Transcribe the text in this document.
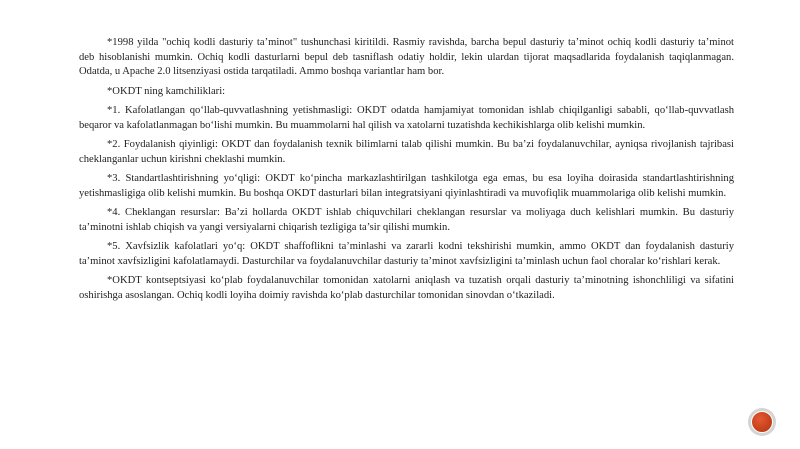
*1998 yilda "ochiq kodli dasturiy ta’minot" tushunchasi kiritildi. Rasmiy ravishda, barcha bepul dasturiy ta’minot ochiq kodli dasturiy ta’minot deb hisoblanishi mumkin. Ochiq kodli dasturlarni bepul deb tasniflash odatiy holdir, lekin ulardan tijorat maqsadlarida foydalanish taqiqlanmagan. Odatda, u Apache 2.0 litsenziyasi ostida tarqatiladi. Ammo boshqa variantlar ham bor.

*OKDT ning kamchiliklari:

*1. Kafolatlangan qo‘llab-quvvatlashning yetishmasligi: OKDT odatda hamjamiyat tomonidan ishlab chiqilganligi sababli, qo‘llab-quvvatlash beqaror va kafolatlanmagan bo‘lishi mumkin. Bu muammolarni hal qilish va xatolarni tuzatishda kechikishlarga olib kelishi mumkin.

*2. Foydalanish qiyinligi: OKDT dan foydalanish texnik bilimlarni talab qilishi mumkin. Bu ba’zi foydalanuvchilar, ayniqsa rivojlanish tajribasi cheklanganlar uchun kirishni cheklashi mumkin.

*3. Standartlashtirishning yo‘qligi: OKDT ko‘pincha markazlashtirilgan tashkilotga ega emas, bu esa loyiha doirasida standartlashtirishning yetishmasligiga olib kelishi mumkin. Bu boshqa OKDT dasturlari bilan integratsiyani qiyinlashtiradi va muvofiqlik muammolariga olib kelishi mumkin.

*4. Cheklangan resurslar: Ba’zi hollarda OKDT ishlab chiquvchilari cheklangan resurslar va moliyaga duch kelishlari mumkin. Bu dasturiy ta’minotni ishlab chiqish va yangi versiyalarni chiqarish tezligiga ta’sir qilishi mumkin.

*5. Xavfsizlik kafolatlari yo‘q: OKDT shaffoflikni ta’minlashi va zararli kodni tekshirishi mumkin, ammo OKDT dan foydalanish dasturiy ta’minot xavfsizligini kafolatlamaydi. Dasturchilar va foydalanuvchilar dasturiy ta’minot xavfsizligini ta’minlash uchun faol choralar ko‘rishlari kerak.

*OKDT kontseptsiyasi ko‘plab foydalanuvchilar tomonidan xatolarni aniqlash va tuzatish orqali dasturiy ta’minotning ishonchliligi va sifatini oshirishga asoslangan. Ochiq kodli loyiha doimiy ravishda ko‘plab dasturchilar tomonidan sinovdan o‘tkaziladi.
